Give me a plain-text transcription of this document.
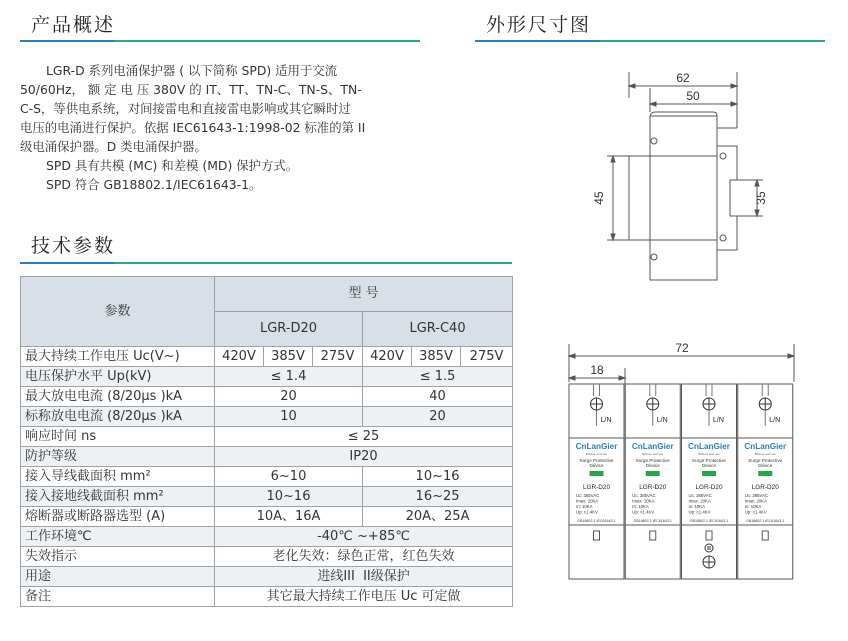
产品概述

LGR-D 系列电涌保护器 ( 以下简称 SPD) 适用于交流

50/60Hz， 额 定 电 压 380V 的 IT、TT、TN-C、TN-S、TN-

C-S，等供电系统，对间接雷电和直接雷电影响或其它瞬时过

电压的电涌进行保护。依据 IEC61643-1:1998-02 标准的第 II

级电涌保护器。D 类电涌保护器。

SPD 具有共模 (MC) 和差模 (MD) 保护方式。

SPD 符合 GB18802.1/IEC61643-1。

技术参数
参数	型 号					
	LGR-D20			LGR-C40		
最大持续工作电压 Uc(V~)	420V	385V	275V	420V	385V	275V
电压保护水平 Up(kV)	≤ 1.4			≤ 1.5		
最大放电电流 (8/20μs )kA	20			40		
标称放电电流 (8/20μs )kA	10			20		
响应时间 ns	≤ 25					
防护等级	IP20					
接入导线截面积 mm²	6~10			10~16		
接入接地线截面积 mm²	10~16			16~25		
熔断器或断路器选型 (A)	10A、16A			20A、25A		
工作环境℃	-40℃ ~+85℃					
失效指示	老化失效：绿色正常，红色失效					
用途	进线III  II级保护					
备注	其它最大持续工作电压 Uc 可定做					
外形尺寸图
62
50
45	35
72
18
L/N
CnLanGier
Believe and use
Surge Protective
Device
LGR-D20
Uc: 385VAC
Imax: 20KA
In: 10KA
Up: ≤1.4KV
GB18802.1 IEC61643-1
L/N
CnLanGier
Believe and use
Surge Protective
Device
LGR-D20
Uc: 385VAC
Imax: 20KA
In: 10KA
Up: ≤1.4KV
GB18802.1 IEC61643-1
L/N
CnLanGier
Believe and use
Surge Protective
Device
LGR-D20
Uc: 385VAC
Imax: 20KA
In: 10KA
Up: ≤1.4KV
GB18802.1 IEC61643-1
L/N
CnLanGier
Believe and use
Surge Protective
Device
LGR-D20
Uc: 385VAC
Imax: 20KA
In: 10KA
Up: ≤1.4KV
GB18802.1 IEC61643-1
